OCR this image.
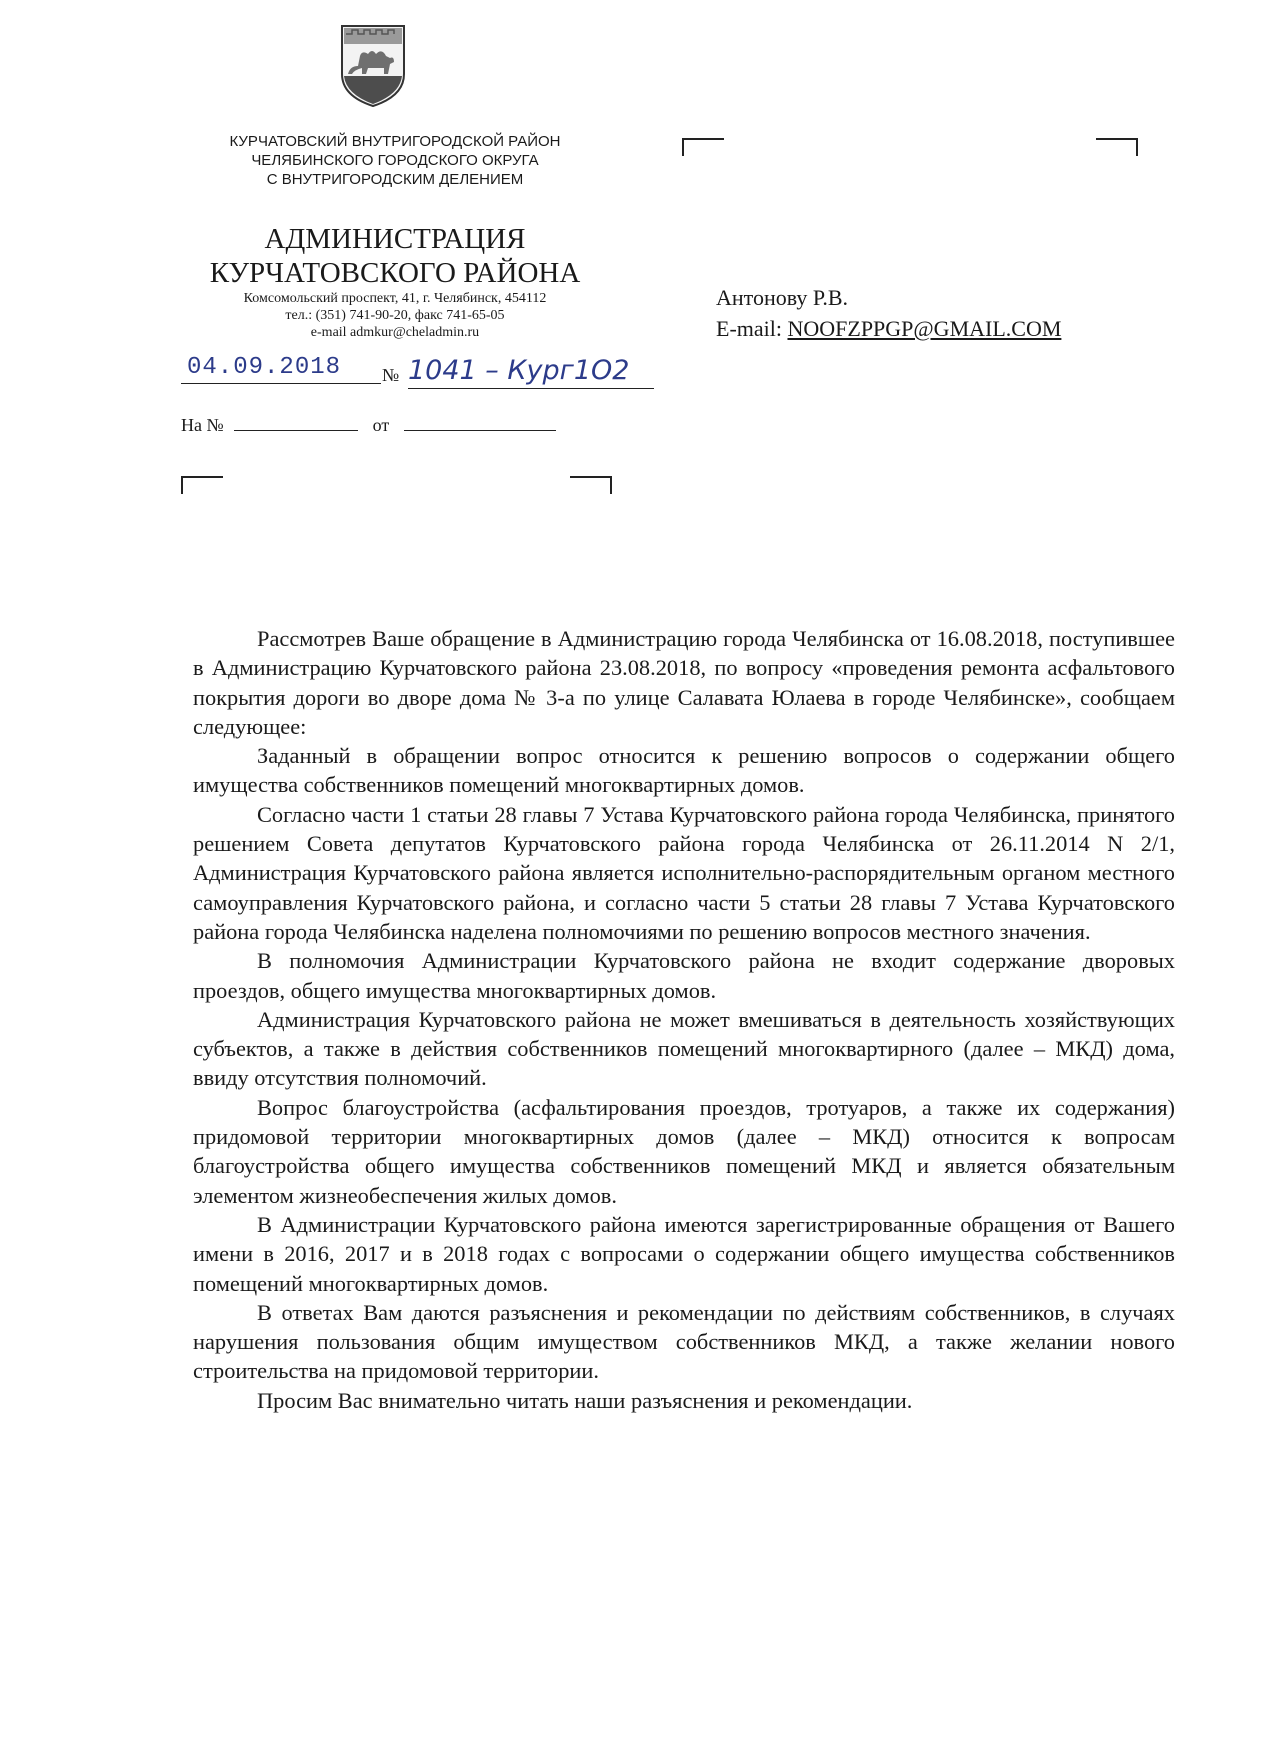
КУРЧАТОВСКИЙ ВНУТРИГОРОДСКОЙ РАЙОН
ЧЕЛЯБИНСКОГО ГОРОДСКОГО ОКРУГА
С ВНУТРИГОРОДСКИМ ДЕЛЕНИЕМ
АДМИНИСТРАЦИЯ
КУРЧАТОВСКОГО РАЙОНА
Комсомольский проспект, 41, г. Челябинск, 454112
тел.: (351) 741-90-20, факс 741-65-05
e-mail admkur@cheladmin.ru
04.09.2018	№ 1041 – Кург1О2
На №	от
Антонову Р.В.
E-mail: NOOFZPPGP@GMAIL.COM

Рассмотрев Ваше обращение в Администрацию города Челябинска от 16.08.2018, поступившее в Администрацию Курчатовского района 23.08.2018, по вопросу «проведения ремонта асфальтового покрытия дороги во дворе дома № 3-а по улице Салавата Юлаева в городе Челябинске», сообщаем следующее:

Заданный в обращении вопрос относится к решению вопросов о содержании общего имущества собственников помещений многоквартирных домов.

Согласно части 1 статьи 28 главы 7 Устава Курчатовского района города Челябинска, принятого решением Совета депутатов Курчатовского района города Челябинска от 26.11.2014 N 2/1, Администрация Курчатовского района является исполнительно-распорядительным органом местного самоуправления Курчатовского района, и согласно части 5 статьи 28 главы 7 Устава Курчатовского района города Челябинска наделена полномочиями по решению вопросов местного значения.

В полномочия Администрации Курчатовского района не входит содержание дворовых проездов, общего имущества многоквартирных домов.

Администрация Курчатовского района не может вмешиваться в деятельность хозяйствующих субъектов, а также в действия собственников помещений многоквартирного (далее – МКД) дома, ввиду отсутствия полномочий.

Вопрос благоустройства (асфальтирования проездов, тротуаров, а также их содержания) придомовой территории многоквартирных домов (далее – МКД) относится к вопросам благоустройства общего имущества собственников помещений МКД и является обязательным элементом жизнеобеспечения жилых домов.

В Администрации Курчатовского района имеются зарегистрированные обращения от Вашего имени в 2016, 2017 и в 2018 годах с вопросами о содержании общего имущества собственников помещений многоквартирных домов.

В ответах Вам даются разъяснения и рекомендации по действиям собственников, в случаях нарушения пользования общим имуществом собственников МКД, а также желании нового строительства на придомовой территории.

Просим Вас внимательно читать наши разъяснения и рекомендации.
